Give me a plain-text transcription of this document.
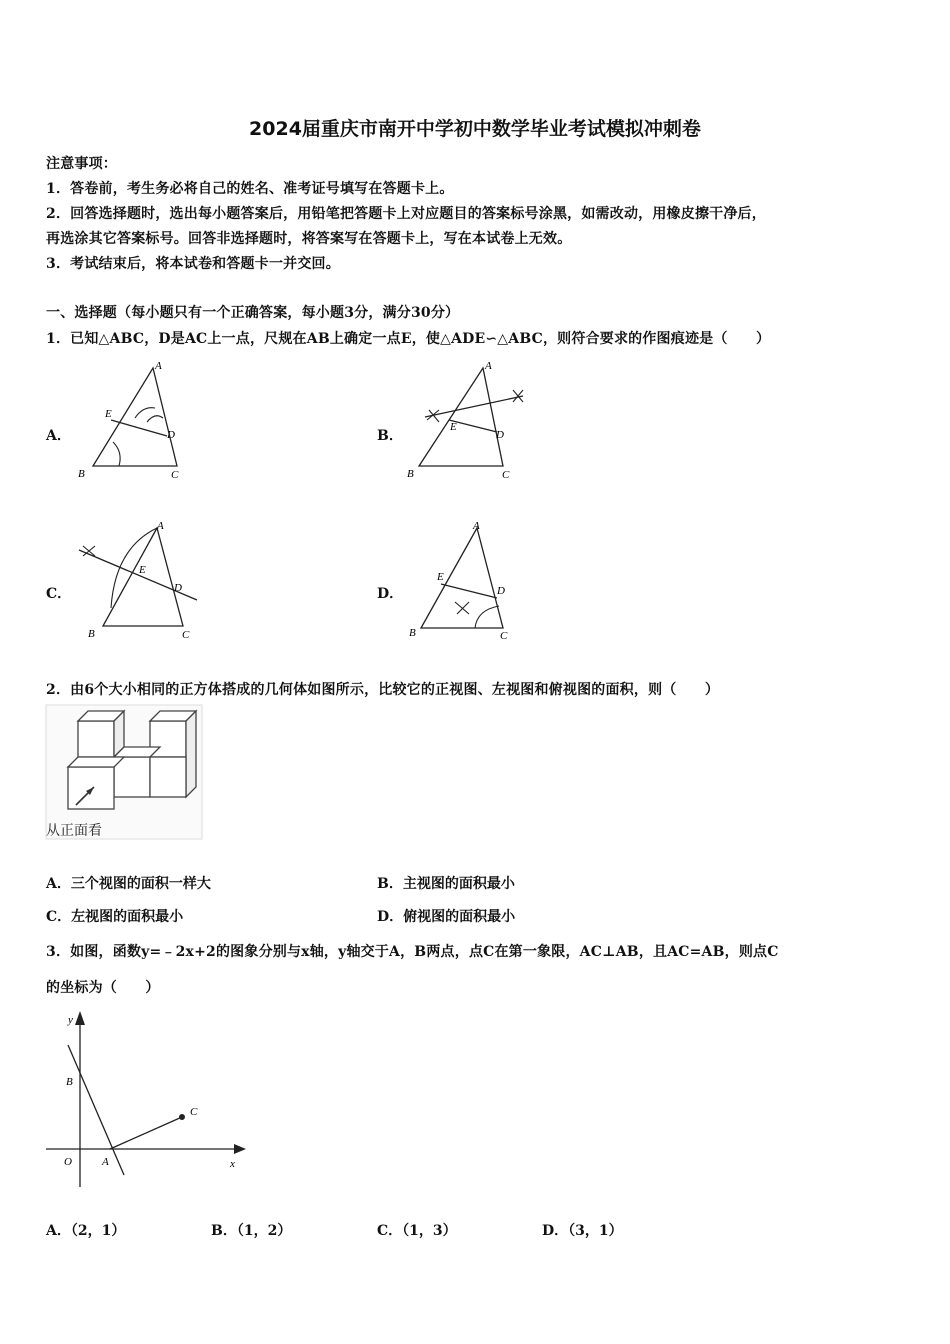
2024届重庆市南开中学初中数学毕业考试模拟冲刺卷
注意事项：
1．答卷前，考生务必将自己的姓名、准考证号填写在答题卡上。
2．回答选择题时，选出每小题答案后，用铅笔把答题卡上对应题目的答案标号涂黑，如需改动，用橡皮擦干净后，
再选涂其它答案标号。回答非选择题时，将答案写在答题卡上，写在本试卷上无效。
3．考试结束后，将本试卷和答题卡一并交回。
一、选择题（每小题只有一个正确答案，每小题3分，满分30分）
1．已知△ABC，D是AC上一点，尺规在AB上确定一点E，使△ADE∽△ABC，则符合要求的作图痕迹是（　　）
A．
A
B	C
D
E
B．
A
B	C
D
E
C．
A
B	C
D
E
D．
A
B	C
D
E
2．由6个大小相同的正方体搭成的几何体如图所示，比较它的正视图、左视图和俯视图的面积，则（　　）
从正面看
A．三个视图的面积一样大	B．主视图的面积最小
C．左视图的面积最小	D．俯视图的面积最小
3．如图，函数y=﹣2x+2的图象分别与x轴，y轴交于A，B两点，点C在第一象限，AC⊥AB，且AC=AB，则点C
的坐标为（　　）
y
x
O	A
B
C
A．（2，1）	B．（1，2）	C．（1，3）	D．（3，1）
